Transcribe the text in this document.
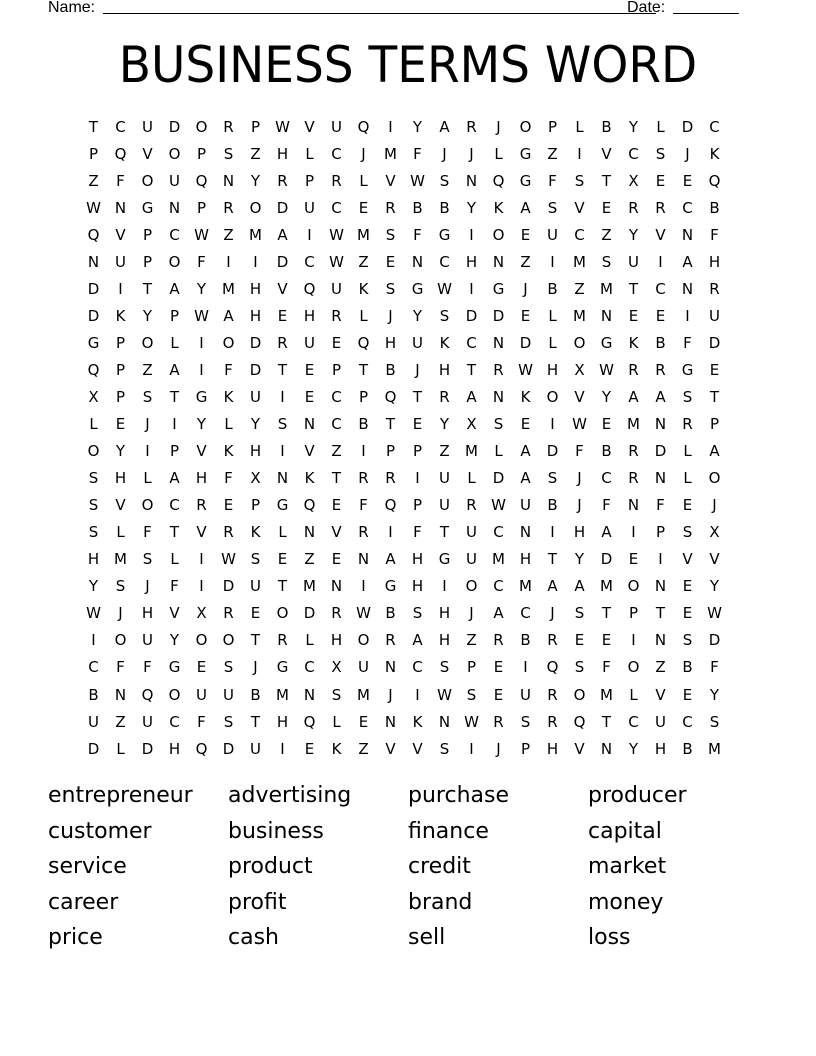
Name:	Date:
BUSINESS TERMS WORD
T	C	U	D	O	R	P	W V	U	Q	I	Y	A	R	J	O	P	L	B	Y	L	D	C
P	Q	V	O	P	S	Z	H	L	C	J	M	F	J	J	L	G	Z	I	V	C	S	J	K
Z	F	O	U	Q	N	Y	R	P	R	L	V W S	N	Q	G	F	S	T	X	E	E	Q
W N	G	N	P	R	O	D	U	C	E	R	B	B	Y	K	A	S	V	E	R	R	C	B
Q	V	P	C W Z	M	A	I	W M	S	F	G	I	O	E	U	C	Z	Y	V	N	F
N	U	P	O	F	I	I	D	C W Z	E	N	C	H	N	Z	I	M	S	U	I	A	H
D	I	T	A	Y	M H	V	Q	U	K	S	G W	I	G	J	B	Z	M	T	C	N	R
D	K	Y	P	W A	H	E	H	R	L	J	Y	S	D	D	E	L	M N	E	E	I	U
G	P	O	L	I	O	D	R	U	E	Q	H	U	K	C	N	D	L	O	G	K	B	F	D
Q	P	Z	A	I	F	D	T	E	P	T	B	J	H	T	R W H	X W R	R	G	E
X	P	S	T	G	K	U	I	E	C	P	Q	T	R	A	N	K	O	V	Y	A	A	S	T
L	E	J	I	Y	L	Y	S	N	C	B	T	E	Y	X	S	E	I	W E	M N	R	P
O	Y	I	P	V	K	H	I	V	Z	I	P	P	Z	M	L	A	D	F	B	R	D	L	A
S	H	L	A	H	F	X	N	K	T	R	R	I	U	L	D	A	S	J	C	R	N	L	O
S	V	O	C	R	E	P	G	Q	E	F	Q	P	U	R W U	B	J	F	N	F	E	J
S	L	F	T	V	R	K	L	N	V	R	I	F	T	U	C	N	I	H	A	I	P	S	X
H M	S	L	I	W S	E	Z	E	N	A	H	G	U	M H	T	Y	D	E	I	V	V
Y	S	J	F	I	D	U	T	M N	I	G	H	I	O	C	M	A	A	M O	N	E	Y
W	J	H	V	X	R	E	O	D	R W B	S	H	J	A	C	J	S	T	P	T	E W
I	O	U	Y	O	O	T	R	L	H	O	R	A	H	Z	R	B	R	E	E	I	N	S	D
C	F	F	G	E	S	J	G	C	X	U	N	C	S	P	E	I	Q	S	F	O	Z	B	F
B	N	Q	O	U	U	B	M N	S	M	J	I	W S	E	U	R	O M	L	V	E	Y
U	Z	U	C	F	S	T	H	Q	L	E	N	K	N W R	S	R	Q	T	C	U	C	S
D	L	D	H	Q	D	U	I	E	K	Z	V	V	S	I	J	P	H	V	N	Y	H	B	M
entrepreneur	advertising	purchase	producer
customer	business	finance	capital
service	product	credit	market
career	profit	brand	money
price	cash	sell	loss
